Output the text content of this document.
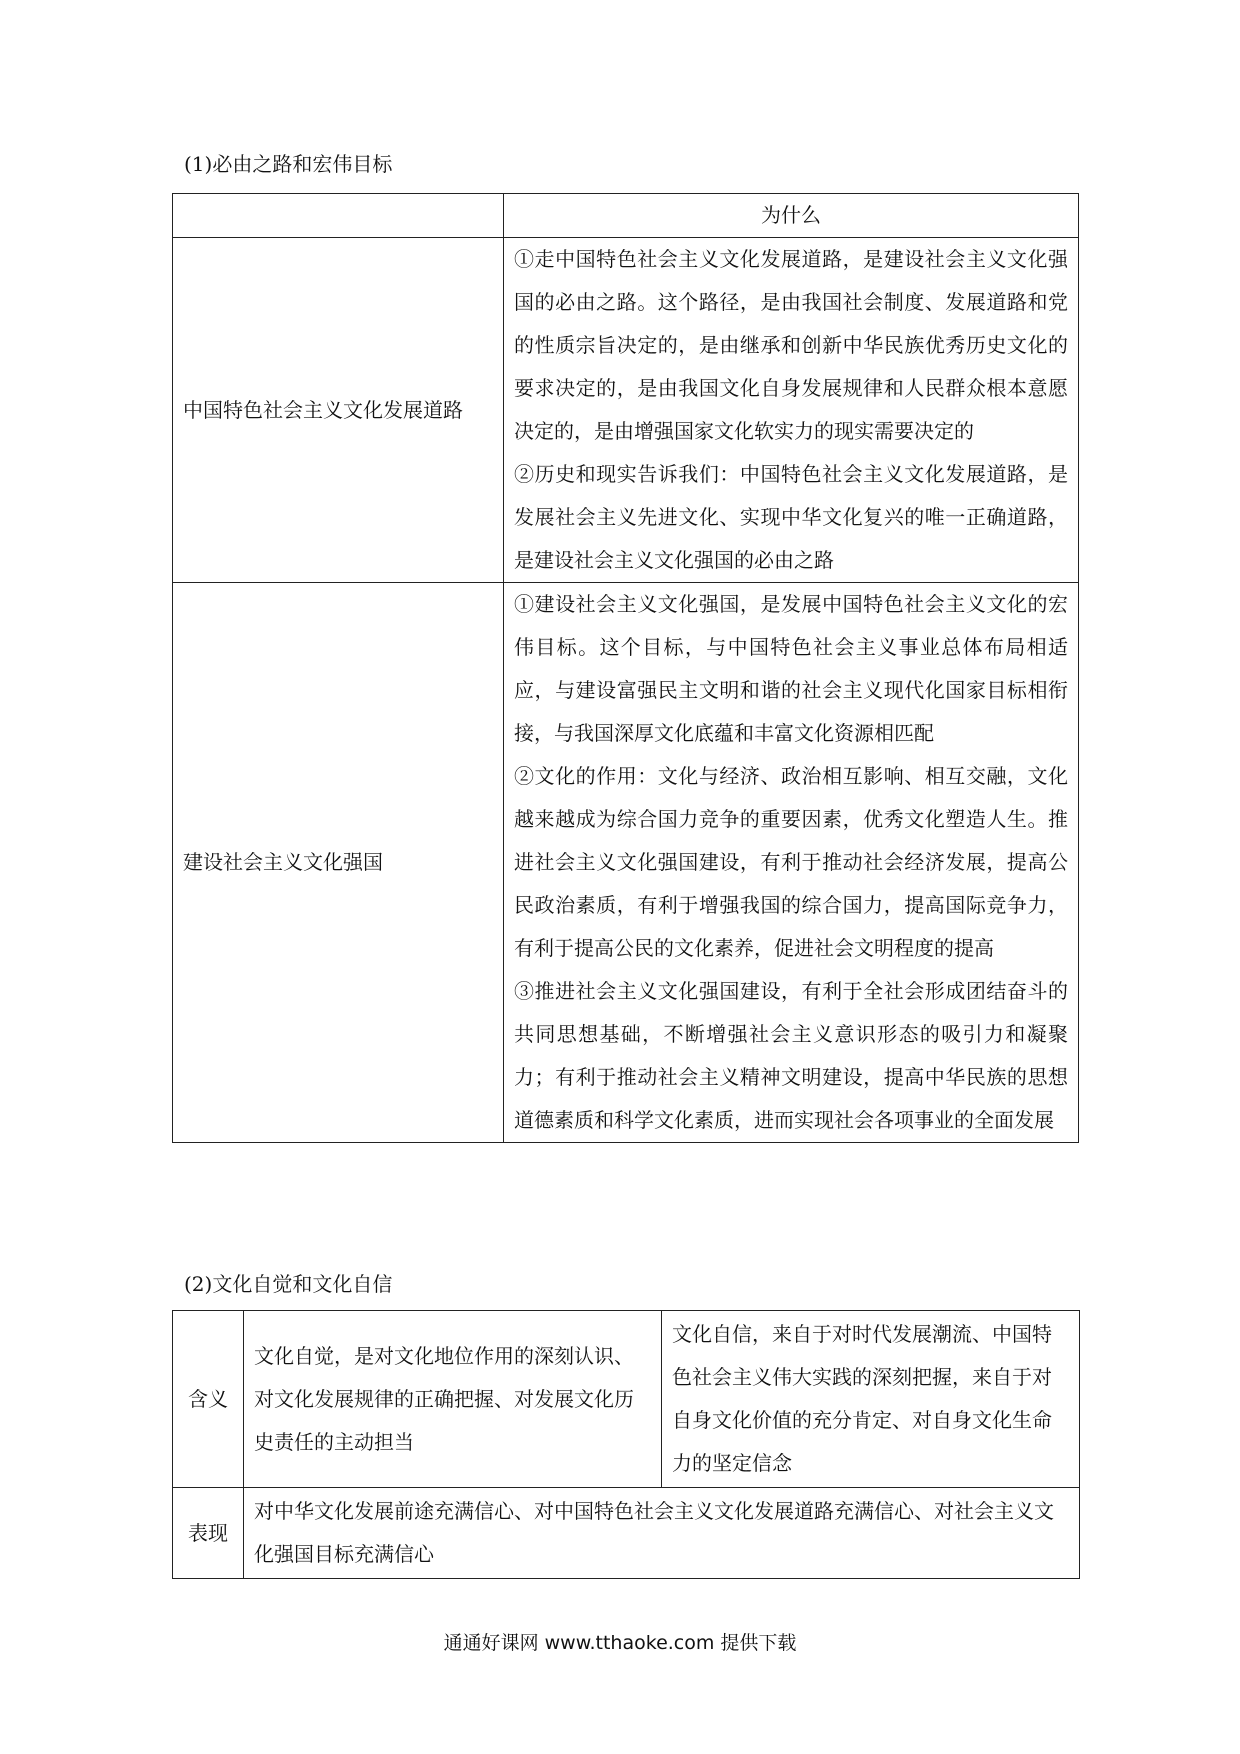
(1)必由之路和宏伟目标
	为什么
中国特色社会主义文化发展道路	①走中国特色社会主义文化发展道路，是建设社会主义文化强国的必由之路。这个路径，是由我国社会制度、发展道路和党的性质宗旨决定的，是由继承和创新中华民族优秀历史文化的要求决定的，是由我国文化自身发展规律和人民群众根本意愿决定的，是由增强国家文化软实力的现实需要决定的
②历史和现实告诉我们：中国特色社会主义文化发展道路，是发展社会主义先进文化、实现中华文化复兴的唯一正确道路，是建设社会主义文化强国的必由之路

建设社会主义文化强国	①建设社会主义文化强国，是发展中国特色社会主义文化的宏伟目标。这个目标，与中国特色社会主义事业总体布局相适应，与建设富强民主文明和谐的社会主义现代化国家目标相衔接，与我国深厚文化底蕴和丰富文化资源相匹配
②文化的作用：文化与经济、政治相互影响、相互交融，文化越来越成为综合国力竞争的重要因素，优秀文化塑造人生。推进社会主义文化强国建设，有利于推动社会经济发展，提高公民政治素质，有利于增强我国的综合国力，提高国际竞争力，有利于提高公民的文化素养，促进社会文明程度的提高
③推进社会主义文化强国建设，有利于全社会形成团结奋斗的共同思想基础，不断增强社会主义意识形态的吸引力和凝聚力；有利于推动社会主义精神文明建设，提高中华民族的思想道德素质和科学文化素质，进而实现社会各项事业的全面发展
(2)文化自觉和文化自信
含义	文化自觉，是对文化地位作用的深刻认识、对文化发展规律的正确把握、对发展文化历史责任的主动担当	文化自信，来自于对时代发展潮流、中国特色社会主义伟大实践的深刻把握，来自于对自身文化价值的充分肯定、对自身文化生命力的坚定信念
表现	对中华文化发展前途充满信心、对中国特色社会主义文化发展道路充满信心、对社会主义文化强国目标充满信心	
通通好课网 www.tthaoke.com 提供下载
